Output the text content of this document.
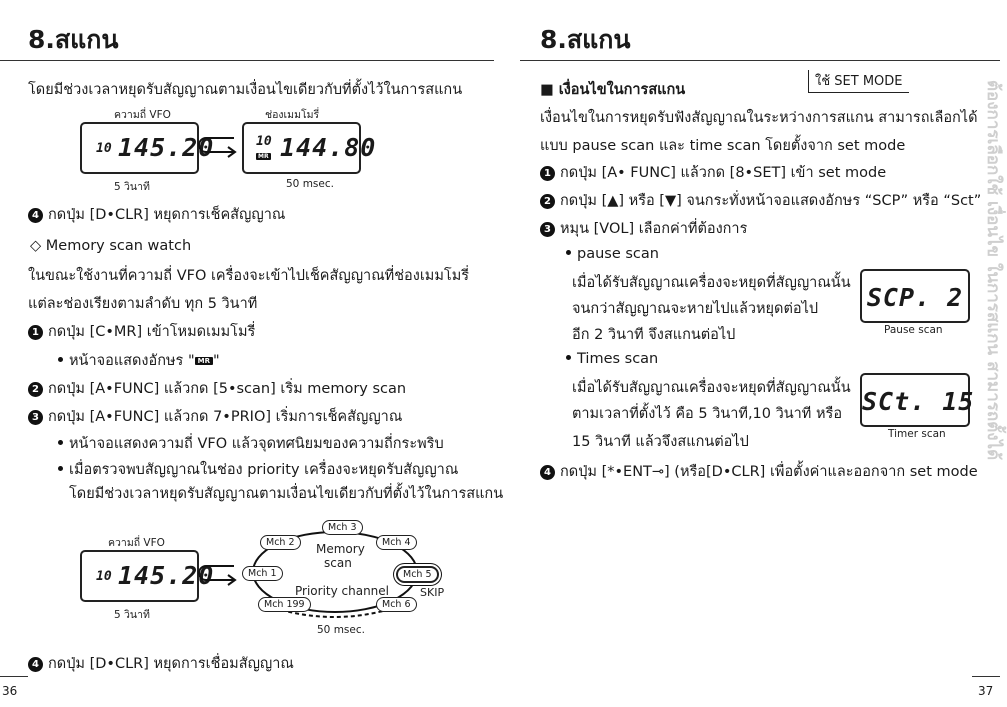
8.สแกน
โดยมีช่วงเวลาหยุดรับสัญญาณตามเงื่อนไขเดียวกับที่ตั้งไว้ในการสแกน
ความถี่ VFO	ช่องเมมโมรี่
10 145.20	10
MR 144.80
5 วินาที	50 msec.
4 กดปุ่ม [D•CLR] หยุดการเช็คสัญญาณ
◇ Memory scan watch
ในขณะใช้งานที่ความถี่ VFO เครื่องจะเข้าไปเช็คสัญญาณที่ช่องเมมโมรี่
แต่ละช่องเรียงตามลำดับ ทุก 5 วินาที
1 กดปุ่ม [C•MR] เข้าโหมดเมมโมรี่
หน้าจอแสดงอักษร " MR "
2 กดปุ่ม [A•FUNC] แล้วกด [5•scan] เริ่ม memory scan
3 กดปุ่ม [A•FUNC] แล้วกด 7•PRIO] เริ่มการเช็คสัญญาณ
หน้าจอแสดงความถี่ VFO แล้วจุดทศนิยมของความถี่กระพริบ
เมื่อตรวจพบสัญญาณในช่อง priority เครื่องจะหยุดรับสัญญาณ
โดยมีช่วงเวลาหยุดรับสัญญาณตามเงื่อนไขเดียวกับที่ตั้งไว้ในการสแกน
ความถี่ VFO
10 145.20
5 วินาที
Mch 3
Mch 2	Mch 4
Mch 1	Mch 5
Mch 199	Mch 6
Memory
scan
Priority channel	SKIP
50 msec.
4 กดปุ่ม [D•CLR] หยุดการเชื่อมสัญญาณ
36
8.สแกน
■ เงื่อนไขในการสแกน
ใช้ SET MODE
เงื่อนไขในการหยุดรับฟังสัญญาณในระหว่างการสแกน สามารถเลือกได้
แบบ pause scan และ time scan โดยตั้งจาก set mode
1 กดปุ่ม [A• FUNC] แล้วกด [8•SET] เข้า set mode
2 กดปุ่ม [▲] หรือ [▼] จนกระทั่งหน้าจอแสดงอักษร “SCP” หรือ “Sct”
3 หมุน [VOL] เลือกค่าที่ต้องการ
pause scan
เมื่อได้รับสัญญาณเครื่องจะหยุดที่สัญญาณนั้น
จนกว่าสัญญาณจะหายไปแล้วหยุดต่อไป
อีก 2 วินาที จึงสแกนต่อไป
SCP. 2
Pause scan
Times scan
เมื่อได้รับสัญญาณเครื่องจะหยุดที่สัญญาณนั้น
ตามเวลาที่ตั้งไว้ คือ 5 วินาที,10 วินาที หรือ
15 วินาที แล้วจึงสแกนต่อไป
SCt. 15
Timer scan
4 กดปุ่ม [*•ENT⊸] (หรือ[D•CLR] เพื่อตั้งค่าและออกจาก set mode
ต้องการเลือกใช้ เงื่อนไข ในการสแกน สามารถตั้งได้
37
